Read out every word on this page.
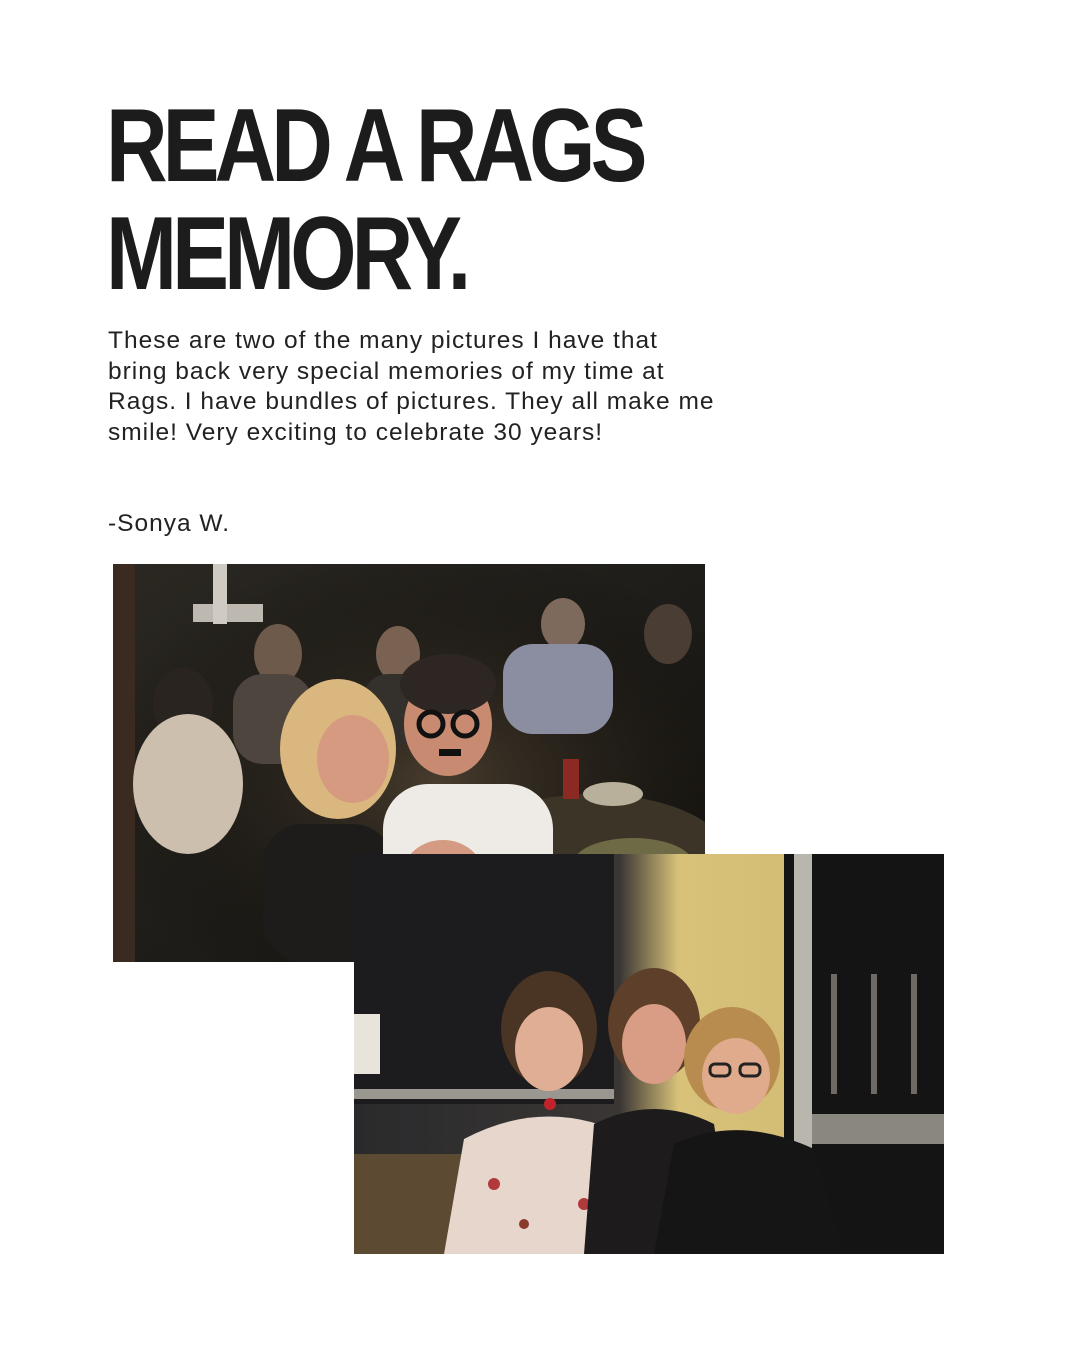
READ A RAGS
MEMORY.

These are two of the many pictures I have that bring back very special memories of my time at Rags. I have bundles of pictures. They all make me smile! Very exciting to celebrate 30 years!

-Sonya W.
